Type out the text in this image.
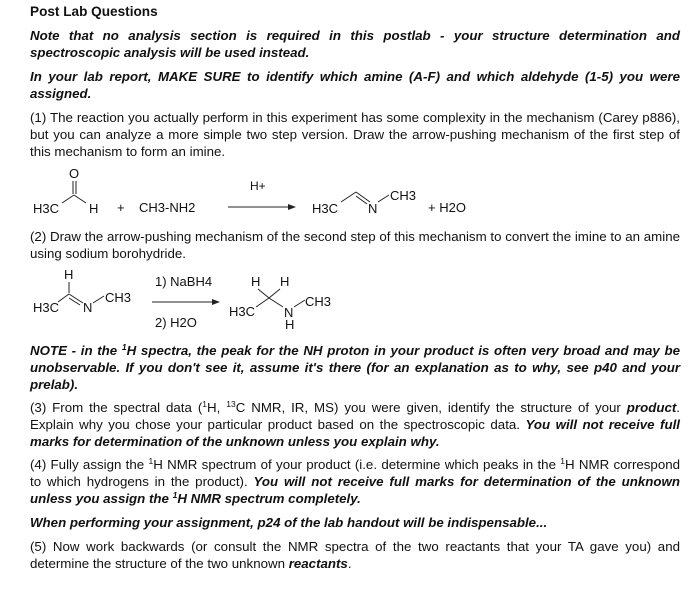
Post Lab Questions

Note that no analysis section is required in this postlab - your structure determination and spectroscopic analysis will be used instead.

In your lab report, MAKE SURE to identify which amine (A-F) and which aldehyde (1-5) you were assigned.

(1) The reaction you actually perform in this experiment has some complexity in the mechanism (Carey p886), but you can analyze a more simple two step version. Draw the arrow-pushing mechanism of the first step of this mechanism to form an imine.

O
H3C H + CH3-NH2
H+
H3C N
CH3
+ H2O

(2) Draw the arrow-pushing mechanism of the second step of this mechanism to convert the imine to an amine using sodium borohydride.

H
H3C N
CH3
1) NaBH4
2) H2O
H H
H3C N
H
CH3

NOTE - in the $^1$H spectra, the peak for the NH proton in your product is often very broad and may be unobservable. If you don't see it, assume it's there (for an explanation as to why, see p40 and your prelab).

(3) From the spectral data ($^1$H, $^{13}$C NMR, IR, MS) you were given, identify the structure of your product. Explain why you chose your particular product based on the spectroscopic data. You will not receive full marks for determination of the unknown unless you explain why.

(4) Fully assign the $^1$H NMR spectrum of your product (i.e. determine which peaks in the $^1$H NMR correspond to which hydrogens in the product). You will not receive full marks for determination of the unknown unless you assign the $^1$H NMR spectrum completely.

When performing your assignment, p24 of the lab handout will be indispensable...

(5) Now work backwards (or consult the NMR spectra of the two reactants that your TA gave you) and determine the structure of the two unknown reactants.
